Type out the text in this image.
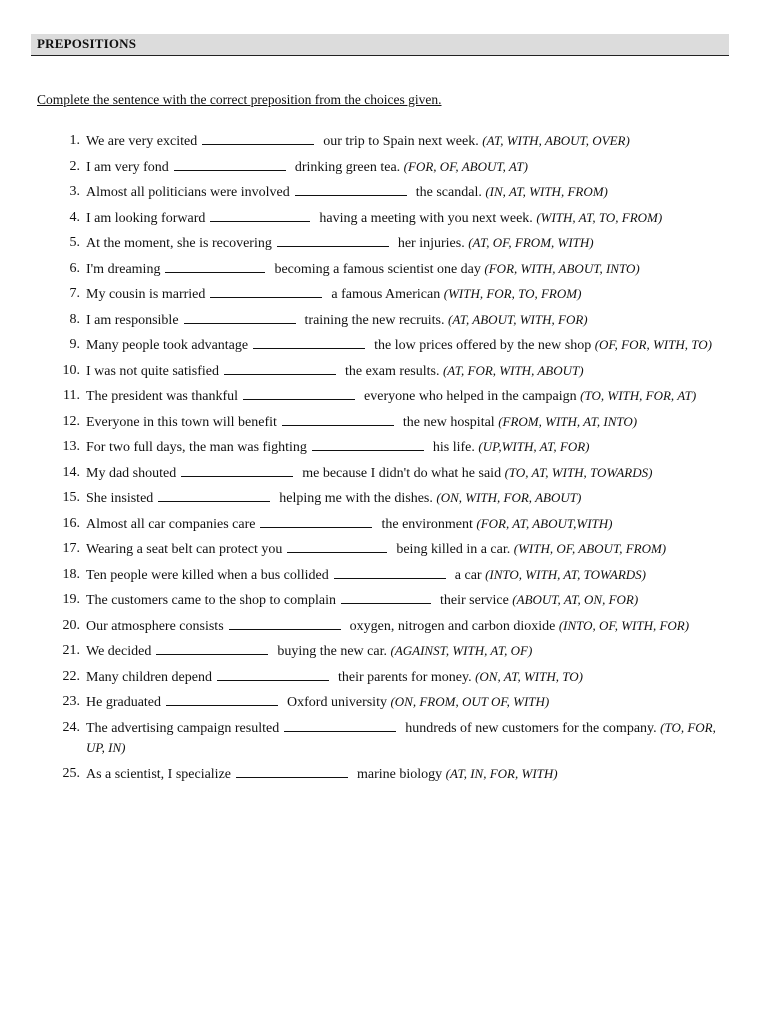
PREPOSITIONS
Complete the sentence with the correct preposition from the choices given.
1. We are very excited	our trip to Spain next week. (AT, WITH, ABOUT, OVER)
2. I am very fond	drinking green tea. (FOR, OF, ABOUT, AT)
3. Almost all politicians were involved	the scandal. (IN, AT, WITH, FROM)
4. I am looking forward	having a meeting with you next week. (WITH, AT, TO, FROM)
5. At the moment, she is recovering	her injuries. (AT, OF, FROM, WITH)
6. I'm dreaming	becoming a famous scientist one day (FOR, WITH, ABOUT, INTO)
7. My cousin is married	a famous American (WITH, FOR, TO, FROM)
8. I am responsible	training the new recruits. (AT, ABOUT, WITH, FOR)
9. Many people took advantage	the low prices offered by the new shop (OF, FOR, WITH, TO)
10. I was not quite satisfied	the exam results. (AT, FOR, WITH, ABOUT)
11. The president was thankful	everyone who helped in the campaign (TO, WITH, FOR, AT)
12. Everyone in this town will benefit	the new hospital (FROM, WITH, AT, INTO)
13. For two full days, the man was fighting	his life. (UP,WITH, AT, FOR)
14. My dad shouted	me because I didn't do what he said (TO, AT, WITH, TOWARDS)
15. She insisted	helping me with the dishes. (ON, WITH, FOR, ABOUT)
16. Almost all car companies care	the environment (FOR, AT, ABOUT,WITH)
17. Wearing a seat belt can protect you	being killed in a car. (WITH, OF, ABOUT, FROM)
18. Ten people were killed when a bus collided	a car (INTO, WITH, AT, TOWARDS)
19. The customers came to the shop to complain	their service (ABOUT, AT, ON, FOR)
20. Our atmosphere consists	oxygen, nitrogen and carbon dioxide (INTO, OF, WITH, FOR)
21. We decided	buying the new car. (AGAINST, WITH, AT, OF)
22. Many children depend	their parents for money. (ON, AT, WITH, TO)
23. He graduated	Oxford university (ON, FROM, OUT OF, WITH)
24. The advertising campaign resulted	hundreds of new customers for the company. (TO, FOR, UP, IN)
25. As a scientist, I specialize	marine biology (AT, IN, FOR, WITH)
